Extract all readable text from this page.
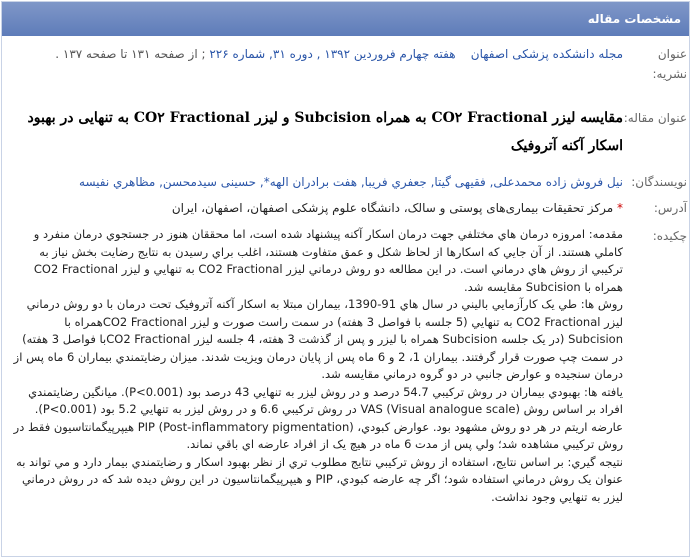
مشخصات مقاله
عنوان نشریه:
مجله دانشکده پزشکی اصفهان    هفته چهارم فروردین ۱۳۹۲ , دوره ۳۱, شماره ۲۲۶ ; از صفحه ۱۳۱ تا صفحه ۱۳۷ .
عنوان مقاله:
مقایسه لیزر CO۲ Fractional به همراه Subcision و لیزر CO۲ Fractional به تنهایی در بهبود اسکار آکنه آتروفیک
نویسندگان:
نیل فروش زاده محمدعلی, فقیهی گیتا, جعفري فریبا, هفت برادران الهه*, حسینی سیدمحسن, مظاهري نفیسه
آدرس:
* مرکز تحقیقات بیماری‌های پوستی و سالک، دانشگاه علوم پزشکی اصفهان، اصفهان، ایران
چکیده:

مقدمه: امروزه درمان هاي مختلفي جهت درمان اسکار آکنه پيشنهاد شده است، اما محققان هنوز در جستجوي درمان منفرد و کاملي هستند. از آن جايي که اسکارها از لحاظ شکل و عمق متفاوت هستند، اغلب براي رسيدن به نتايج رضايت بخش نياز به ترکيبي از روش هاي درماني است. در اين مطالعه دو روش درماني ليزر CO2 Fractional به تنهايي و ليزر CO2 Fractional همراه با Subcision مقايسه شد.

روش ها: طي يک کارآزمايي باليني در سال هاي 91-1390، بيماران مبتلا به اسکار آکنه آتروفيک تحت درمان با دو روش درماني ليزر CO2 Fractional به تنهايي (5 جلسه با فواصل 3 هفته) در سمت راست صورت و ليزر CO2 Fractionalهمراه با Subcision (در يک جلسه Subcision همراه با ليزر و پس از گذشت 3 هفته، 4 جلسه ليزر CO2 Fractionalبا فواصل 3 هفته) در سمت چپ صورت قرار گرفتند. بيماران 1، 2 و 6 ماه پس از پايان درمان ويزيت شدند. ميزان رضايتمندي بيماران 6 ماه پس از درمان سنجيده و عوارض جانبي در دو گروه درماني مقايسه شد.

يافته ها: بهبودي بيماران در روش ترکيبي 54.7 درصد و در روش ليزر به تنهايي 43 درصد بود (P<0.001). ميانگين رضايتمندي افراد بر اساس روش VAS (Visual analogue scale) در روش ترکيبي 6.6 و در روش ليزر به تنهايي 5.2 بود (P<0.001). عارضه اريتم در هر دو روش مشهود بود. عوارض کبودي، PIP (Post-inflammatory pigmentation) هيپرپيگمانتاسيون فقط در روش ترکيبي مشاهده شد؛ ولي پس از مدت 6 ماه در هيچ يک از افراد عارضه اي باقي نماند.

نتيجه گيري: بر اساس نتايج، استفاده از روش ترکيبي نتايج مطلوب تري از نظر بهبود اسکار و رضايتمندي بيمار دارد و مي تواند به عنوان يک روش درماني استفاده شود؛ اگر چه عارضه کبودي، PIP و هيپرپيگمانتاسيون در اين روش ديده شد که در روش درماني ليزر به تنهايي وجود نداشت.
